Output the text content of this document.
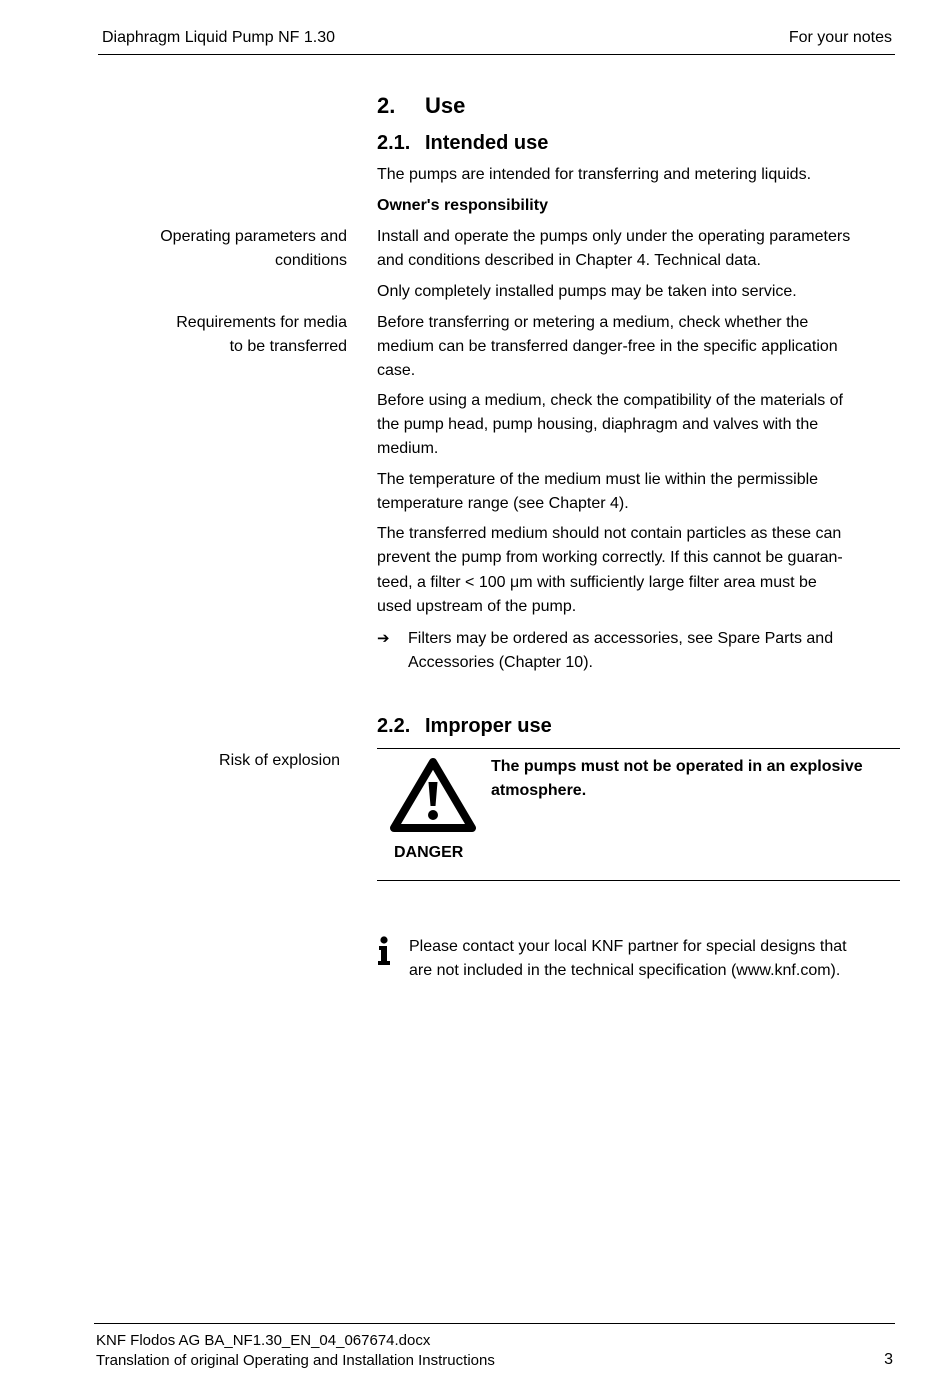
Diaphragm Liquid Pump NF 1.30	For your notes
2. Use
2.1. Intended use
The pumps are intended for transferring and metering liquids.
Owner's responsibility
Operating parameters and
conditions
Install and operate the pumps only under the operating parameters
and conditions described in Chapter 4. Technical data.
Only completely installed pumps may be taken into service.
Requirements for media
to be transferred
Before transferring or metering a medium, check whether the
medium can be transferred danger-free in the specific application
case.
Before using a medium, check the compatibility of the materials of
the pump head, pump housing, diaphragm and valves with the
medium.
The temperature of the medium must lie within the permissible
temperature range (see Chapter 4).
The transferred medium should not contain particles as these can
prevent the pump from working correctly. If this cannot be guaran-
teed, a filter < 100 μm with sufficiently large filter area must be
used upstream of the pump.
➔ Filters may be ordered as accessories, see Spare Parts and
Accessories (Chapter 10).
2.2. Improper use
Risk of explosion
DANGER
The pumps must not be operated in an explosive
atmosphere.
Please contact your local KNF partner for special designs that
are not included in the technical specification (www.knf.com).
KNF Flodos AG BA_NF1.30_EN_04_067674.docx
Translation of original Operating and Installation Instructions	3
